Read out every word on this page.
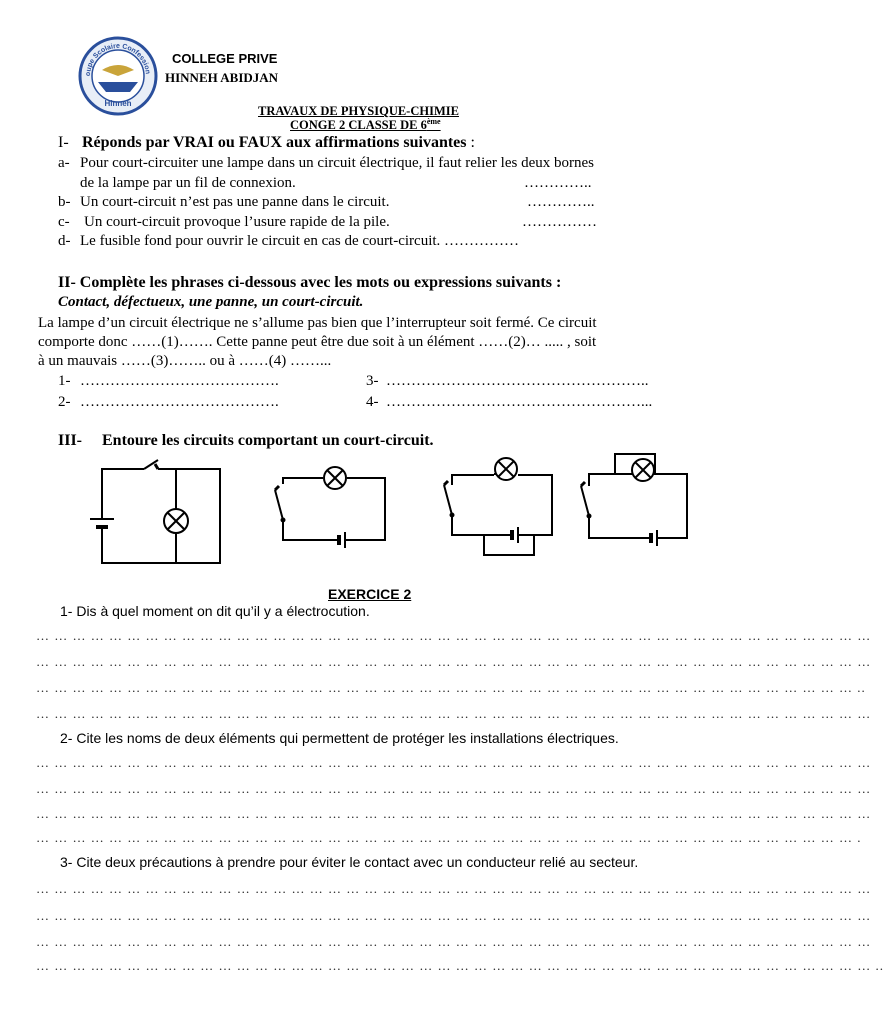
Groupe Scolaire Confessionnel
Hinneh
COLLEGE PRIVE
HINNEH ABIDJAN
TRAVAUX DE PHYSIQUE-CHIMIE
CONGE 2 CLASSE DE 6ème
I- Réponds par VRAI ou FAUX aux affirmations suivantes :
a- Pour court-circuiter une lampe dans un circuit électrique, il faut relier les deux bornes
de la lampe par un fil de connexion.	…………..
b- Un court-circuit n’est pas une panne dans le circuit.	…………..
c- Un court-circuit provoque l’usure rapide de la pile.	……………
d- Le fusible fond pour ouvrir le circuit en cas de court-circuit. ……………
II- Complète les phrases ci-dessous avec les mots ou expressions suivants :
Contact, défectueux, une panne, un court-circuit.
La lampe d’un circuit électrique ne s’allume pas bien que l’interrupteur soit fermé. Ce circuit
comporte donc ……(1)……. Cette panne peut être due soit à un élément ……(2)… ..... , soit
à un mauvais ……(3)…….. ou à ……(4) ……...
1- ………………………………….	3- ……………………………………………..
2- ………………………………….	4- ……………………………………………...
III- Entoure les circuits comportant un court-circuit.
EXERCICE 2
1- Dis à quel moment on dit qu’il y a électrocution.
… … … … … … … … … … … … … … … … … … … … … … … … … … … … … … … … … … … … … … … … … … … … … …
… … … … … … … … … … … … … … … … … … … … … … … … … … … … … … … … … … … … … … … … … … … … … …
… … … … … … … … … … … … … … … … … … … … … … … … … … … … … … … … … … … … … … … … … … … … … ..
… … … … … … … … … … … … … … … … … … … … … … … … … … … … … … … … … … … … … … … … … … … … … …
2- Cite les noms de deux éléments qui permettent de protéger les installations électriques.
… … … … … … … … … … … … … … … … … … … … … … … … … … … … … … … … … … … … … … … … … … … … … …
… … … … … … … … … … … … … … … … … … … … … … … … … … … … … … … … … … … … … … … … … … … … … …
… … … … … … … … … … … … … … … … … … … … … … … … … … … … … … … … … … … … … … … … … … … … … …
… … … … … … … … … … … … … … … … … … … … … … … … … … … … … … … … … … … … … … … … … … … … … .
3- Cite deux précautions à prendre pour éviter le contact avec un conducteur relié au secteur.
… … … … … … … … … … … … … … … … … … … … … … … … … … … … … … … … … … … … … … … … … … … … … …
… … … … … … … … … … … … … … … … … … … … … … … … … … … … … … … … … … … … … … … … … … … … … …
… … … … … … … … … … … … … … … … … … … … … … … … … … … … … … … … … … … … … … … … … … … … … …
… … … … … … … … … … … … … … … … … … … … … … … … … … … … … … … … … … … … … … … … … … … … … … ..
